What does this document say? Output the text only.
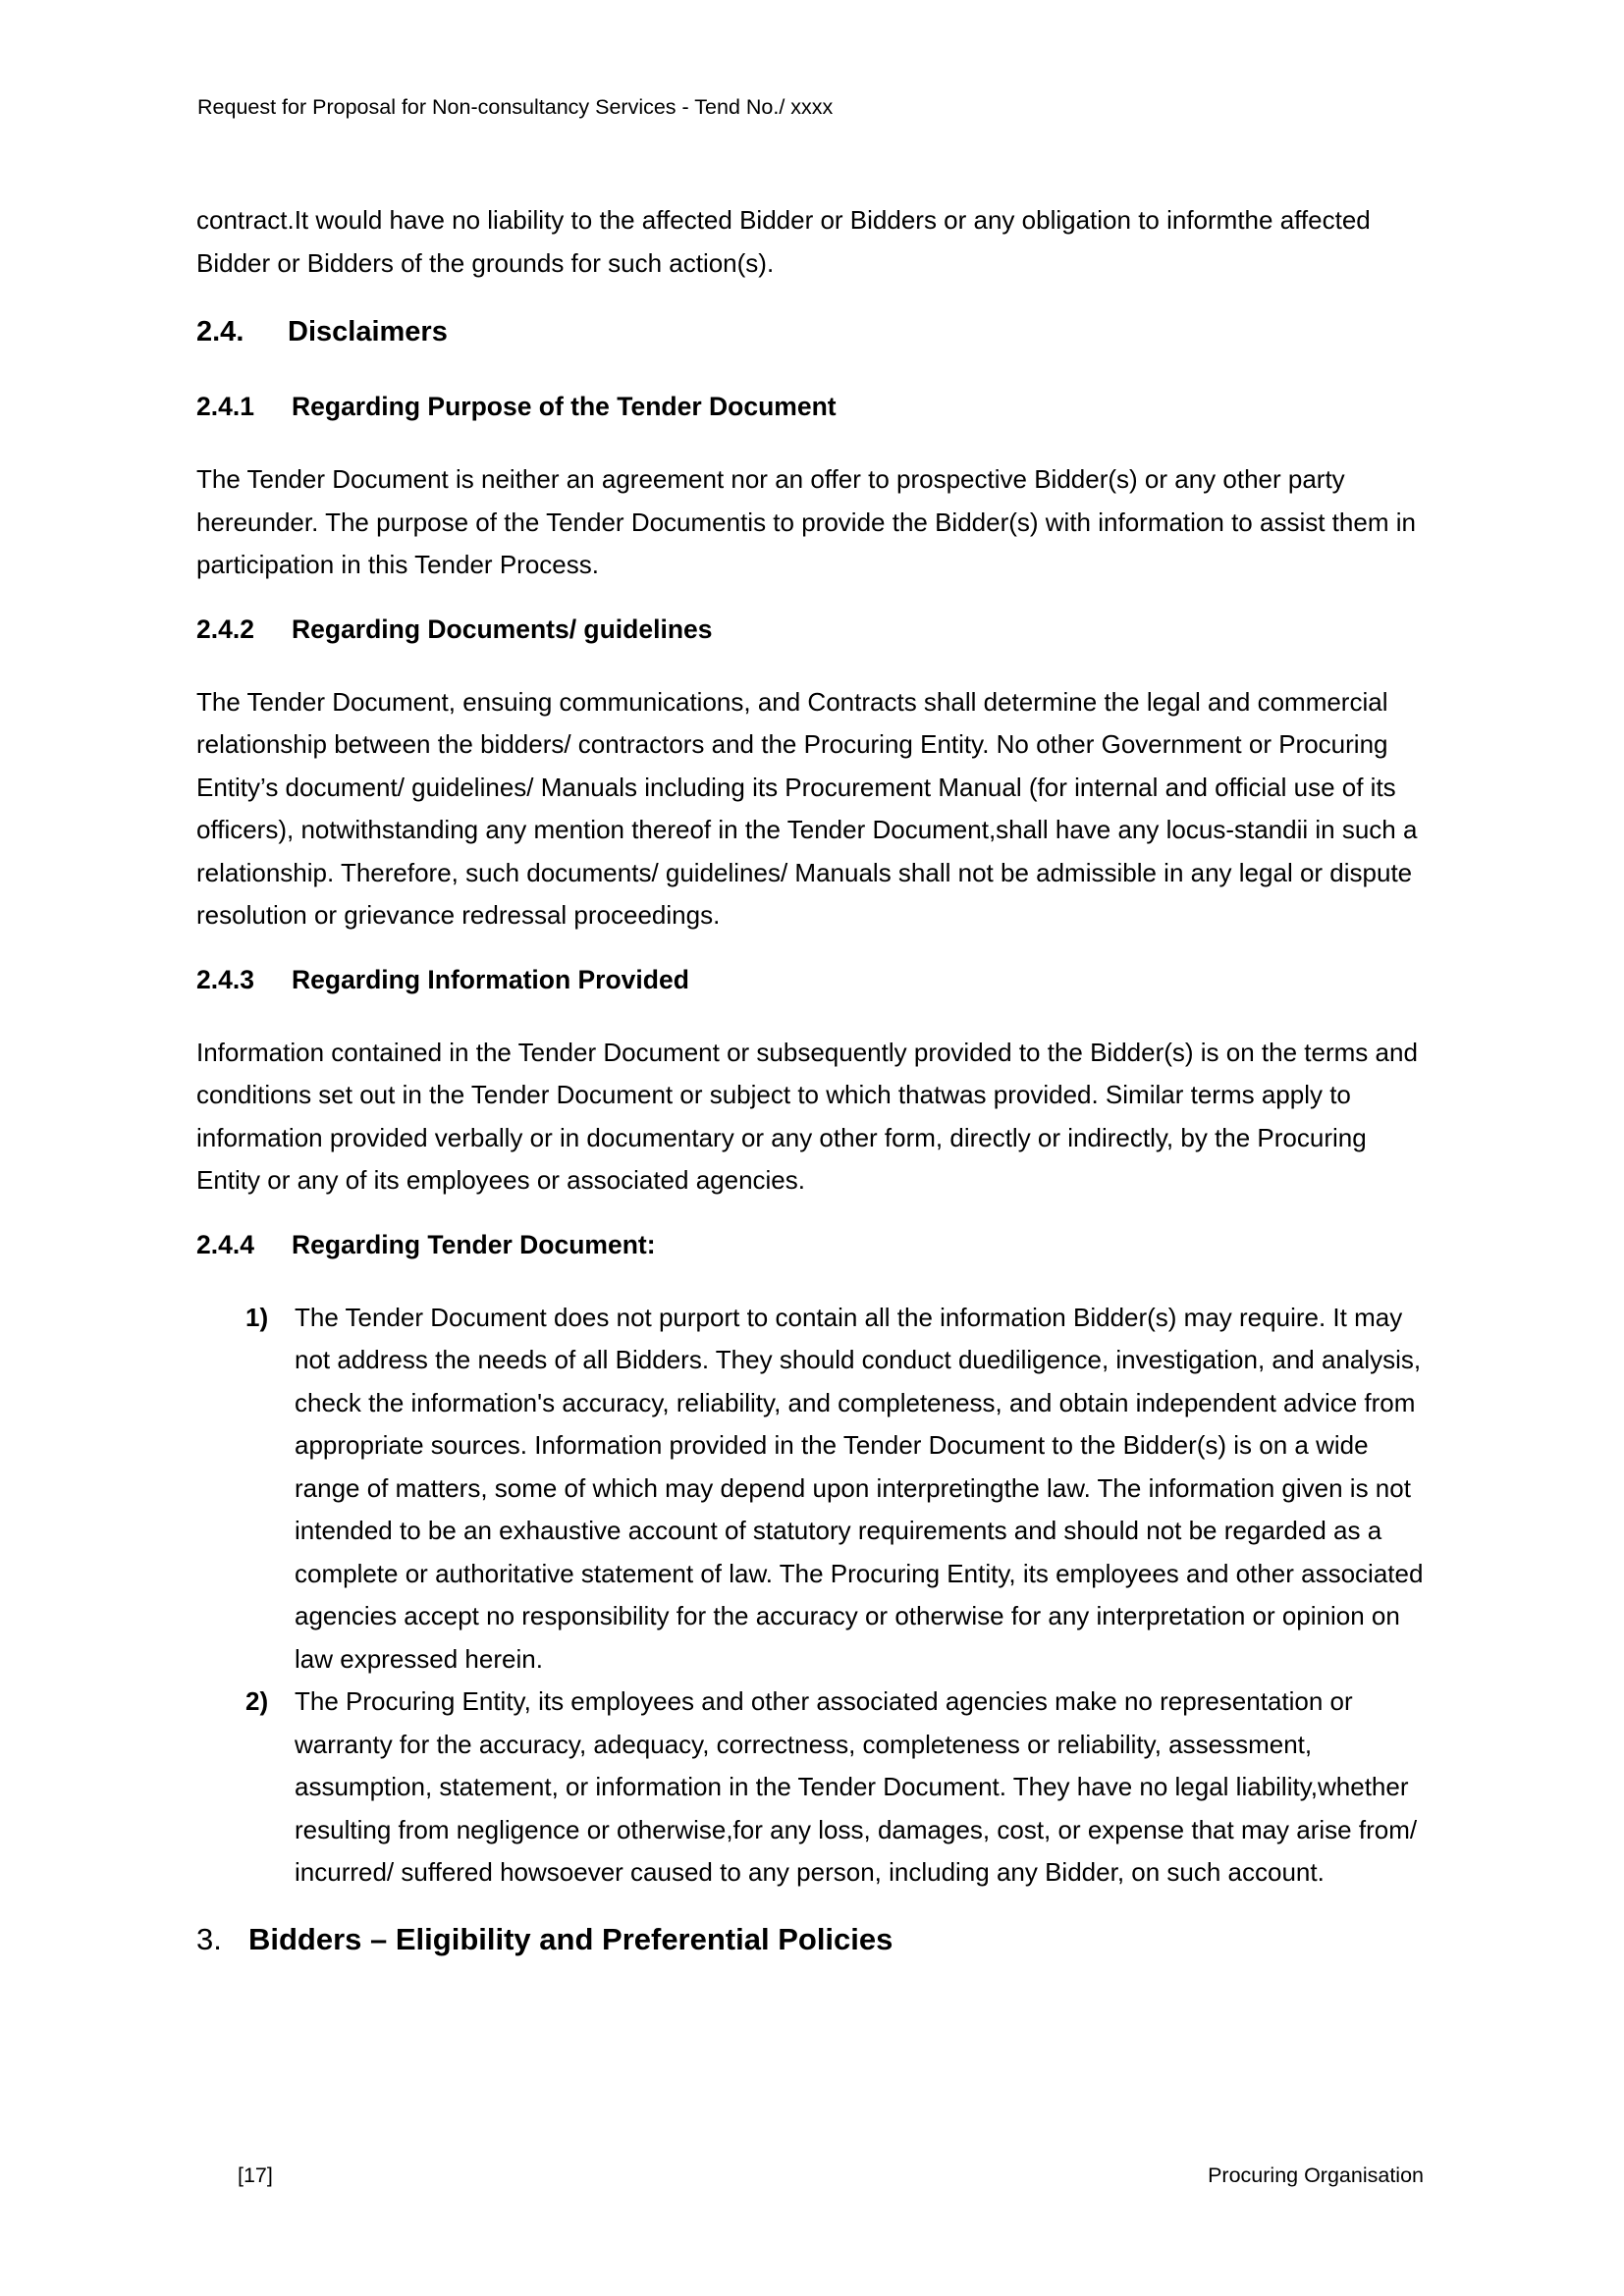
Request for Proposal for Non-consultancy Services - Tend No./ xxxx

contract.It would have no liability to the affected Bidder or Bidders or any obligation to informthe affected Bidder or Bidders of the grounds for such action(s).

2.4. Disclaimers
2.4.1 Regarding Purpose of the Tender Document

The Tender Document is neither an agreement nor an offer to prospective Bidder(s) or any other party hereunder. The purpose of the Tender Documentis to provide the Bidder(s) with information to assist them in participation in this Tender Process.

2.4.2 Regarding Documents/ guidelines

The Tender Document, ensuing communications, and Contracts shall determine the legal and commercial relationship between the bidders/ contractors and the Procuring Entity. No other Government or Procuring Entity’s document/ guidelines/ Manuals including its Procurement Manual (for internal and official use of its officers), notwithstanding any mention thereof in the Tender Document,shall have any locus-standii in such a relationship. Therefore, such documents/ guidelines/ Manuals shall not be admissible in any legal or dispute resolution or grievance redressal proceedings.

2.4.3 Regarding Information Provided

Information contained in the Tender Document or subsequently provided to the Bidder(s) is on the terms and conditions set out in the Tender Document or subject to which thatwas provided. Similar terms apply to information provided verbally or in documentary or any other form, directly or indirectly, by the Procuring Entity or any of its employees or associated agencies.

2.4.4 Regarding Tender Document:
1) The Tender Document does not purport to contain all the information Bidder(s) may require. It may not address the needs of all Bidders. They should conduct duediligence, investigation, and analysis, check the information's accuracy, reliability, and completeness, and obtain independent advice from appropriate sources. Information provided in the Tender Document to the Bidder(s) is on a wide range of matters, some of which may depend upon interpretingthe law. The information given is not intended to be an exhaustive account of statutory requirements and should not be regarded as a complete or authoritative statement of law. The Procuring Entity, its employees and other associated agencies accept no responsibility for the accuracy or otherwise for any interpretation or opinion on law expressed herein.
2) The Procuring Entity, its employees and other associated agencies make no representation or warranty for the accuracy, adequacy, correctness, completeness or reliability, assessment, assumption, statement, or information in the Tender Document. They have no legal liability,whether resulting from negligence or otherwise,for any loss, damages, cost, or expense that may arise from/ incurred/ suffered howsoever caused to any person, including any Bidder, on such account.
3. Bidders – Eligibility and Preferential Policies
[17]	Procuring Organisation
